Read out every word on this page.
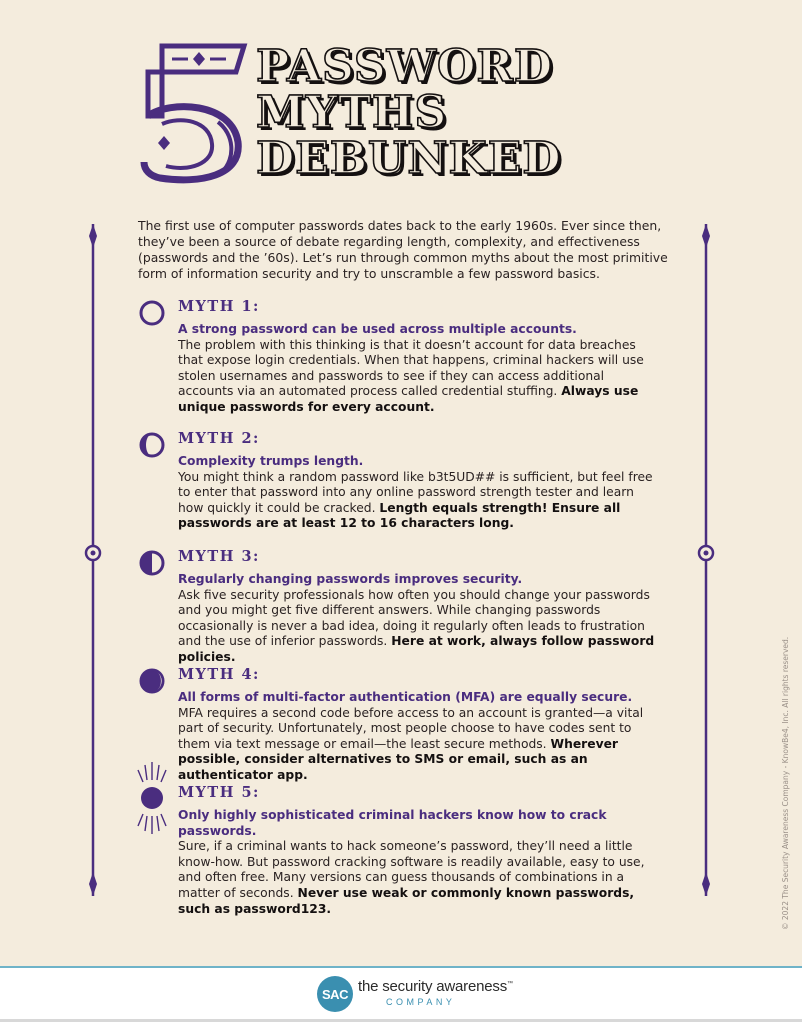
PASSWORD
MYTHS
DEBUNKED
The first use of computer passwords dates back to the early 1960s. Ever since then, they’ve been a source of debate regarding length, complexity, and effectiveness (passwords and the ’60s). Let’s run through common myths about the most primitive form of information security and try to unscramble a few password basics.
MYTH 1:
A strong password can be used across multiple accounts.
The problem with this thinking is that it doesn’t account for data breaches that expose login credentials. When that happens, criminal hackers will use stolen usernames and passwords to see if they can access additional accounts via an automated process called credential stuffing. Always use unique passwords for every account.
MYTH 2:
Complexity trumps length.
You might think a random password like b3t5UD## is sufficient, but feel free to enter that password into any online password strength tester and learn how quickly it could be cracked. Length equals strength! Ensure all passwords are at least 12 to 16 characters long.
MYTH 3:
Regularly changing passwords improves security.
Ask five security professionals how often you should change your passwords and you might get five different answers. While changing passwords occasionally is never a bad idea, doing it regularly often leads to frustration and the use of inferior passwords. Here at work, always follow password policies.
MYTH 4:
All forms of multi-factor authentication (MFA) are equally secure.
MFA requires a second code before access to an account is granted—a vital part of security. Unfortunately, most people choose to have codes sent to them via text message or email—the least secure methods. Wherever possible, consider alternatives to SMS or email, such as an authenticator app.
MYTH 5:
Only highly sophisticated criminal hackers know how to crack passwords.
Sure, if a criminal wants to hack someone’s password, they’ll need a little know-how. But password cracking software is readily available, easy to use, and often free. Many versions can guess thousands of combinations in a matter of seconds. Never use weak or commonly known passwords, such as password123.	© 2022 The Security Awareness Company - KnowBe4, Inc. All rights reserved.
SAC the security awareness™
COMPANY
